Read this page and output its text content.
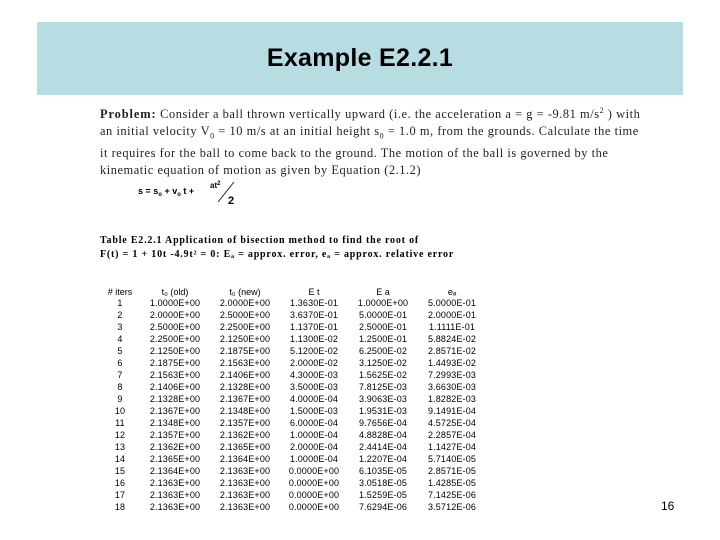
Example E2.2.1
Problem: Consider a ball thrown vertically upward (i.e. the acceleration a = g = -9.81 $m/s^2$ ) with an initial velocity $V_0 = 10$ m/s at an initial height $s_0 = 1.0$ m, from the grounds. Calculate the time it requires for the ball to come back to the ground. The motion of the ball is governed by the kinematic equation of motion as given by Equation (2.1.2)
$s = s_o + v_o$ t +
$at^2$
2
Table E2.2.1 Application of bisection method to find the root of
F(t) = 1 + 10t -4.9t² = 0: Eₐ = approx. error, eₐ = approx. relative error
# iters	t₀ (old)	t₀ (new)	E t	E a	eₐ
1	1.0000E+00	2.0000E+00	1.3630E-01	1.0000E+00	5.0000E-01
2	2.0000E+00	2.5000E+00	3.6370E-01	5.0000E-01	2.0000E-01
3	2.5000E+00	2.2500E+00	1.1370E-01	2.5000E-01	1.1111E-01
4	2.2500E+00	2.1250E+00	1.1300E-02	1.2500E-01	5.8824E-02
5	2.1250E+00	2.1875E+00	5.1200E-02	6.2500E-02	2.8571E-02
6	2.1875E+00	2.1563E+00	2.0000E-02	3.1250E-02	1.4493E-02
7	2.1563E+00	2.1406E+00	4.3000E-03	1.5625E-02	7.2993E-03
8	2.1406E+00	2.1328E+00	3.5000E-03	7.8125E-03	3.6630E-03
9	2.1328E+00	2.1367E+00	4.0000E-04	3.9063E-03	1.8282E-03
10	2.1367E+00	2.1348E+00	1.5000E-03	1.9531E-03	9.1491E-04
11	2.1348E+00	2.1357E+00	6.0000E-04	9.7656E-04	4.5725E-04
12	2.1357E+00	2.1362E+00	1.0000E-04	4.8828E-04	2.2857E-04
13	2.1362E+00	2.1365E+00	2.0000E-04	2.4414E-04	1.1427E-04
14	2.1365E+00	2.1364E+00	1.0000E-04	1.2207E-04	5.7140E-05
15	2.1364E+00	2.1363E+00	0.0000E+00	6.1035E-05	2.8571E-05
16	2.1363E+00	2.1363E+00	0.0000E+00	3.0518E-05	1.4285E-05
17	2.1363E+00	2.1363E+00	0.0000E+00	1.5259E-05	7.1425E-06
18	2.1363E+00	2.1363E+00	0.0000E+00	7.6294E-06	3.5712E-06	16
